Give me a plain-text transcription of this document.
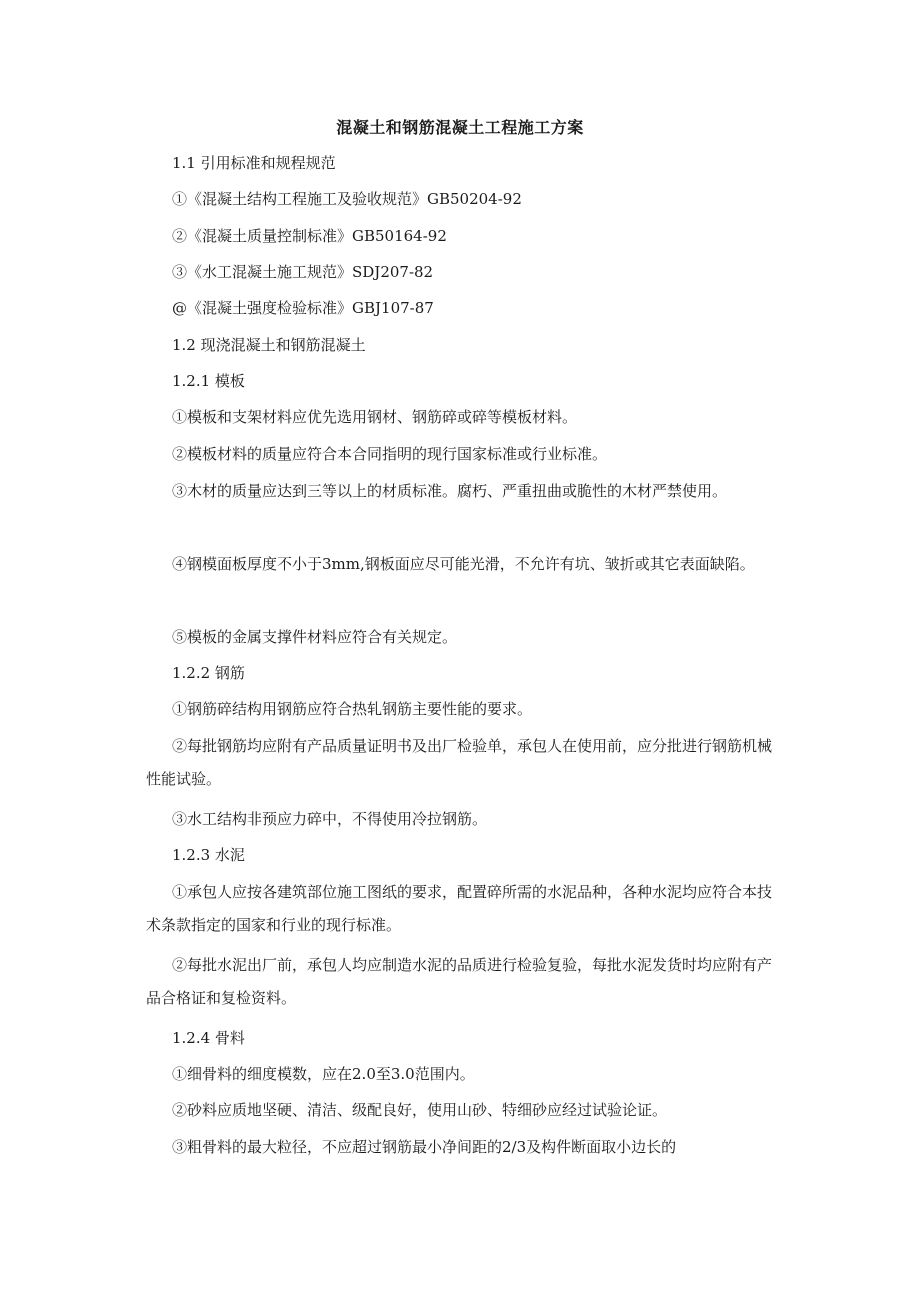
混凝土和钢筋混凝土工程施工方案
1.1 引用标准和规程规范
①《混凝土结构工程施工及验收规范》GB50204-92
②《混凝土质量控制标准》GB50164-92
③《水工混凝土施工规范》SDJ207-82
@《混凝土强度检验标准》GBJ107-87
1.2 现浇混凝土和钢筋混凝土
1.2.1 模板
①模板和支架材料应优先选用钢材、钢筋碎或碎等模板材料。
②模板材料的质量应符合本合同指明的现行国家标准或行业标准。
③木材的质量应达到三等以上的材质标准。腐朽、严重扭曲或脆性的木材严禁使用。
④钢模面板厚度不小于3mm,钢板面应尽可能光滑，不允许有坑、皱折或其它表面缺陷。
⑤模板的金属支撑件材料应符合有关规定。
1.2.2 钢筋
①钢筋碎结构用钢筋应符合热轧钢筋主要性能的要求。
②每批钢筋均应附有产品质量证明书及出厂检验单，承包人在使用前，应分批进行钢筋机械性能试验。
③水工结构非预应力碎中，不得使用冷拉钢筋。
1.2.3 水泥
①承包人应按各建筑部位施工图纸的要求，配置碎所需的水泥品种，各种水泥均应符合本技术条款指定的国家和行业的现行标准。
②每批水泥出厂前，承包人均应制造水泥的品质进行检验复验，每批水泥发货时均应附有产品合格证和复检资料。
1.2.4 骨料
①细骨料的细度模数，应在2.0至3.0范围内。
②砂料应质地坚硬、清洁、级配良好，使用山砂、特细砂应经过试验论证。
③粗骨料的最大粒径，不应超过钢筋最小净间距的2/3及构件断面取小边长的
